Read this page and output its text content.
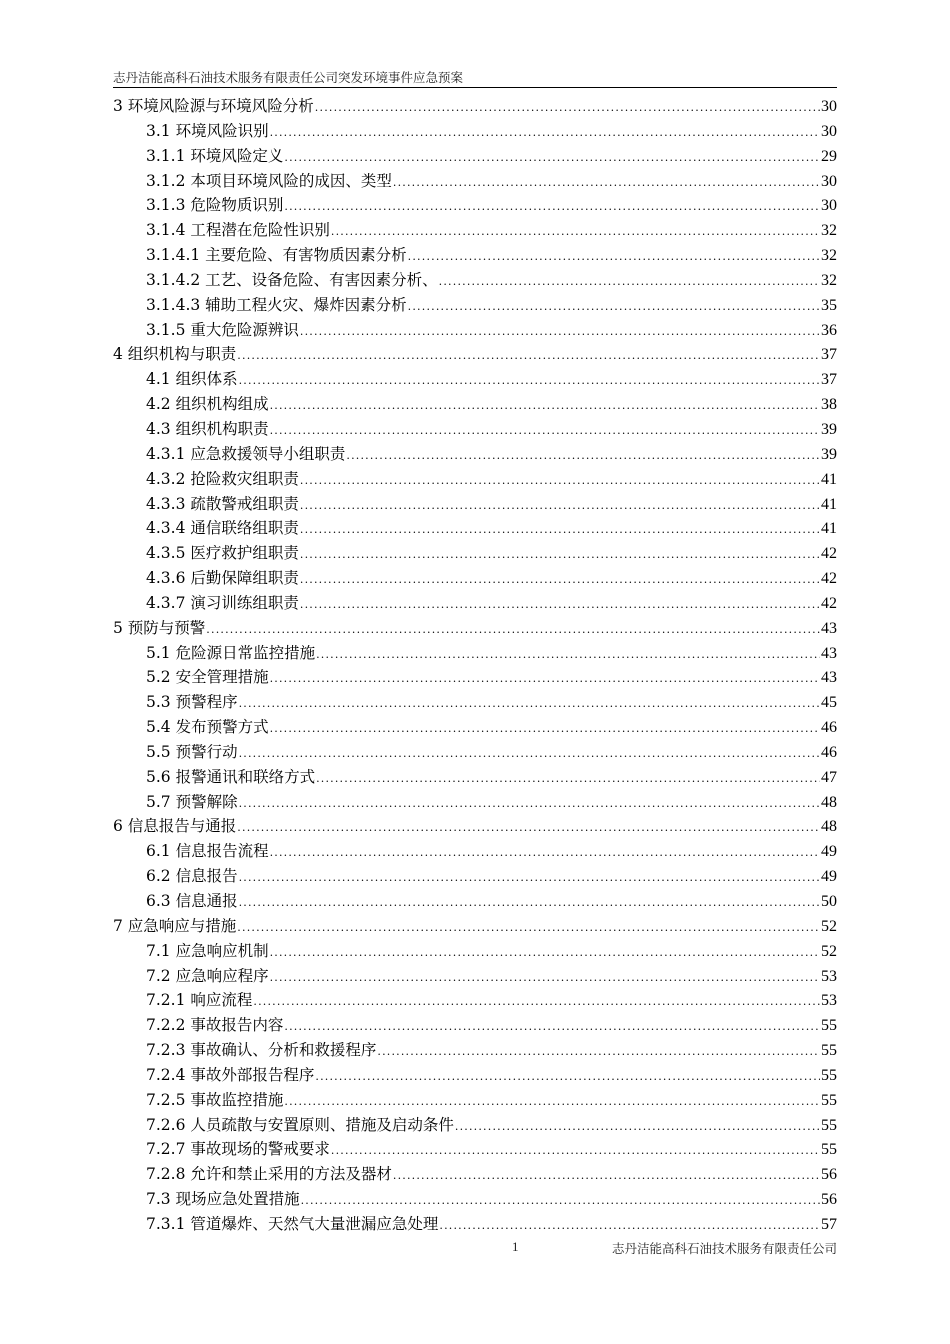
志丹洁能高科石油技术服务有限责任公司突发环境事件应急预案
3 环境风险源与环境风险分析 .....	30
3.1 环境风险识别 .....	30
3.1.1 环境风险定义 .....	29
3.1.2 本项目环境风险的成因、类型 .....	30
3.1.3 危险物质识别 .....	30
3.1.4 工程潜在危险性识别 .....	32
3.1.4.1 主要危险、有害物质因素分析 .....	32
3.1.4.2 工艺、设备危险、有害因素分析、 .....	32
3.1.4.3 辅助工程火灾、爆炸因素分析 .....	35
3.1.5 重大危险源辨识 .....	36
4 组织机构与职责 .....	37
4.1 组织体系 .....	37
4.2 组织机构组成 .....	38
4.3 组织机构职责 .....	39
4.3.1 应急救援领导小组职责 .....	39
4.3.2 抢险救灾组职责 .....	41
4.3.3 疏散警戒组职责 .....	41
4.3.4 通信联络组职责 .....	41
4.3.5 医疗救护组职责 .....	42
4.3.6 后勤保障组职责 .....	42
4.3.7 演习训练组职责 .....	42
5 预防与预警 .....	43
5.1 危险源日常监控措施 .....	43
5.2 安全管理措施 .....	43
5.3 预警程序 .....	45
5.4 发布预警方式 .....	46
5.5 预警行动 .....	46
5.6 报警通讯和联络方式 .....	47
5.7 预警解除 .....	48
6 信息报告与通报 .....	48
6.1 信息报告流程 .....	49
6.2 信息报告 .....	49
6.3 信息通报 .....	50
7 应急响应与措施 .....	52
7.1 应急响应机制 .....	52
7.2 应急响应程序 .....	53
7.2.1 响应流程 .....	53
7.2.2 事故报告内容 .....	55
7.2.3 事故确认、分析和救援程序 .....	55
7.2.4 事故外部报告程序 .....	55
7.2.5 事故监控措施 .....	55
7.2.6 人员疏散与安置原则、措施及启动条件 .....	55
7.2.7 事故现场的警戒要求 .....	55
7.2.8 允许和禁止采用的方法及器材 .....	56
7.3 现场应急处置措施 .....	56
7.3.1 管道爆炸、天然气大量泄漏应急处理 .....	57
1	志丹洁能高科石油技术服务有限责任公司
